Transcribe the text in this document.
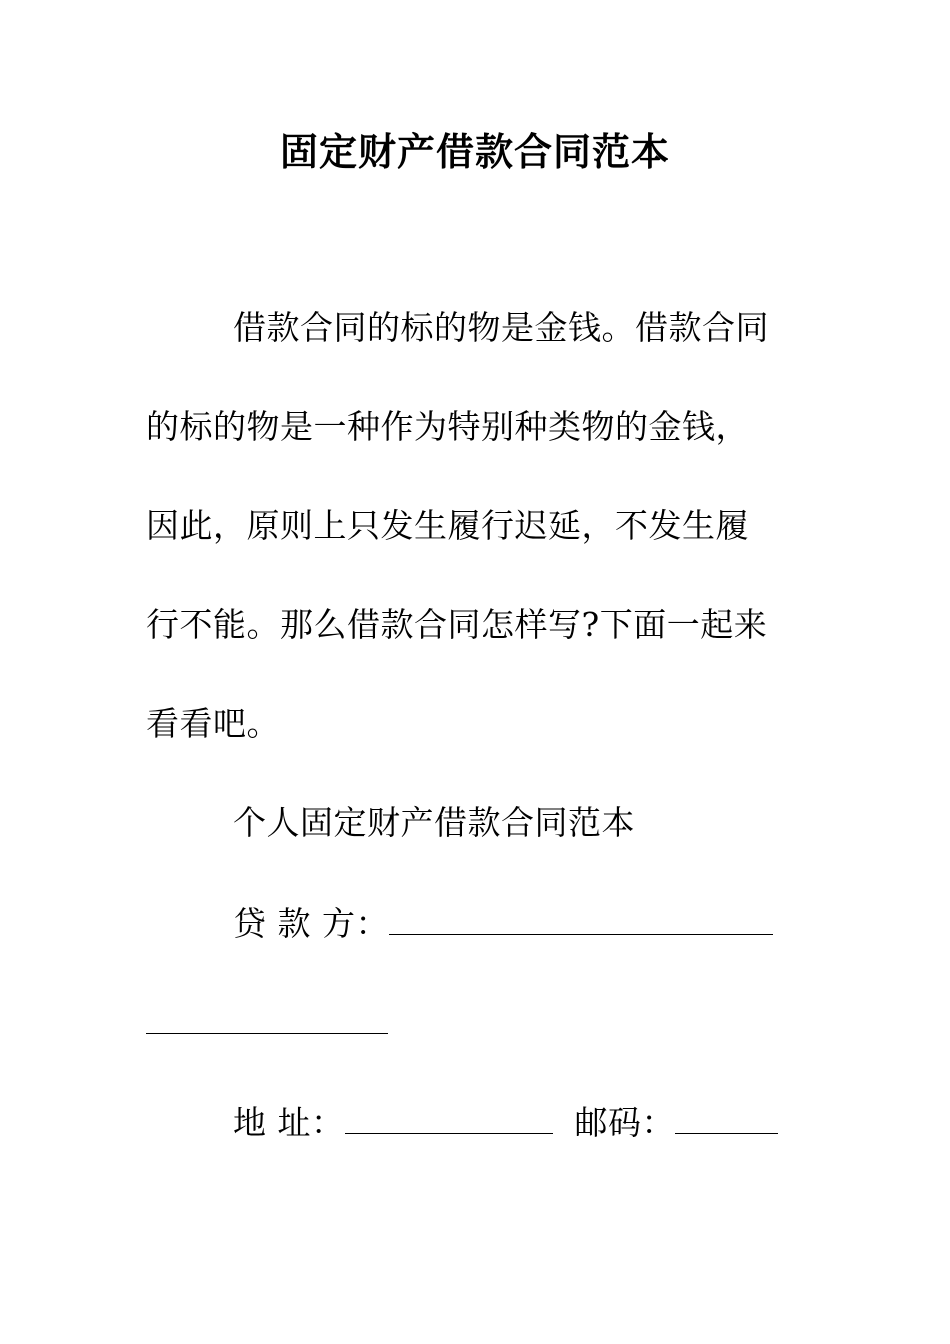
固定财产借款合同范本
借款合同的标的物是金钱。借款合同
的标的物是一种作为特别种类物的金钱，
因此，原则上只发生履行迟延，不发生履
行不能。那么借款合同怎样写?下面一起来
看看吧。
个人固定财产借款合同范本
贷 款 方：
地 址：	邮码：
